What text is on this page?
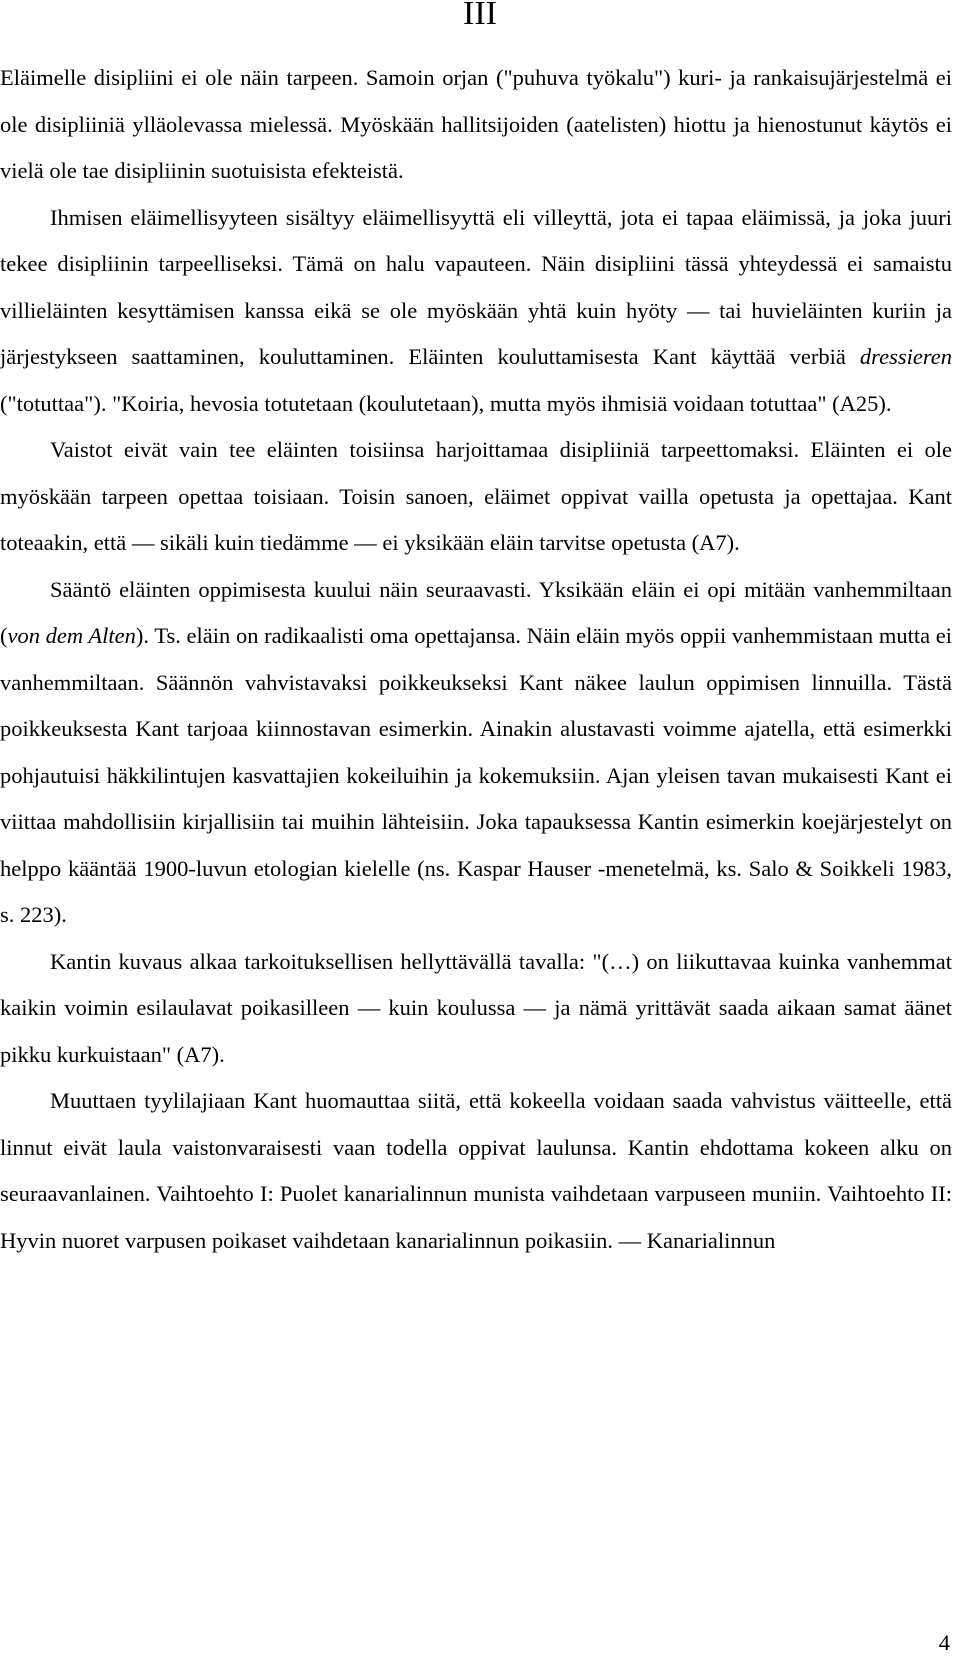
III

Eläimelle disipliini ei ole näin tarpeen. Samoin orjan ("puhuva työkalu") kuri- ja rankaisujärjestelmä ei ole disipliiniä ylläolevassa mielessä. Myöskään hallitsijoiden (aatelisten) hiottu ja hienostunut käytös ei vielä ole tae disipliinin suotuisista efekteistä.

Ihmisen eläimellisyyteen sisältyy eläimellisyyttä eli villeyttä, jota ei tapaa eläimissä, ja joka juuri tekee disipliinin tarpeelliseksi. Tämä on halu vapauteen. Näin disipliini tässä yhteydessä ei samaistu villieläinten kesyttämisen kanssa eikä se ole myöskään yhtä kuin hyöty — tai huvieläinten kuriin ja järjestykseen saattaminen, kouluttaminen. Eläinten kouluttamisesta Kant käyttää verbiä dressieren ("totuttaa"). "Koiria, hevosia totutetaan (koulutetaan), mutta myös ihmisiä voidaan totuttaa" (A25).

Vaistot eivät vain tee eläinten toisiinsa harjoittamaa disipliiniä tarpeettomaksi. Eläinten ei ole myöskään tarpeen opettaa toisiaan. Toisin sanoen, eläimet oppivat vailla opetusta ja opettajaa. Kant toteaakin, että — sikäli kuin tiedämme — ei yksikään eläin tarvitse opetusta (A7).

Sääntö eläinten oppimisesta kuului näin seuraavasti. Yksikään eläin ei opi mitään vanhemmiltaan (von dem Alten). Ts. eläin on radikaalisti oma opettajansa. Näin eläin myös oppii vanhemmistaan mutta ei vanhemmiltaan. Säännön vahvistavaksi poikkeukseksi Kant näkee laulun oppimisen linnuilla. Tästä poikkeuksesta Kant tarjoaa kiinnostavan esimerkin. Ainakin alustavasti voimme ajatella, että esimerkki pohjautuisi häkkilintujen kasvattajien kokeiluihin ja kokemuksiin. Ajan yleisen tavan mukaisesti Kant ei viittaa mahdollisiin kirjallisiin tai muihin lähteisiin. Joka tapauksessa Kantin esimerkin koejärjestelyt on helppo kääntää 1900-luvun etologian kielelle (ns. Kaspar Hauser -menetelmä, ks. Salo & Soikkeli 1983, s. 223).

Kantin kuvaus alkaa tarkoituksellisen hellyttävällä tavalla: "(…) on liikuttavaa kuinka vanhemmat kaikin voimin esilaulavat poikasilleen — kuin koulussa — ja nämä yrittävät saada aikaan samat äänet pikku kurkuistaan" (A7).

Muuttaen tyylilajiaan Kant huomauttaa siitä, että kokeella voidaan saada vahvistus väitteelle, että linnut eivät laula vaistonvaraisesti vaan todella oppivat laulunsa. Kantin ehdottama kokeen alku on seuraavanlainen. Vaihtoehto I: Puolet kanarialinnun munista vaihdetaan varpuseen muniin. Vaihtoehto II: Hyvin nuoret varpusen poikaset vaihdetaan kanarialinnun poikasiin. — Kanarialinnun

4
